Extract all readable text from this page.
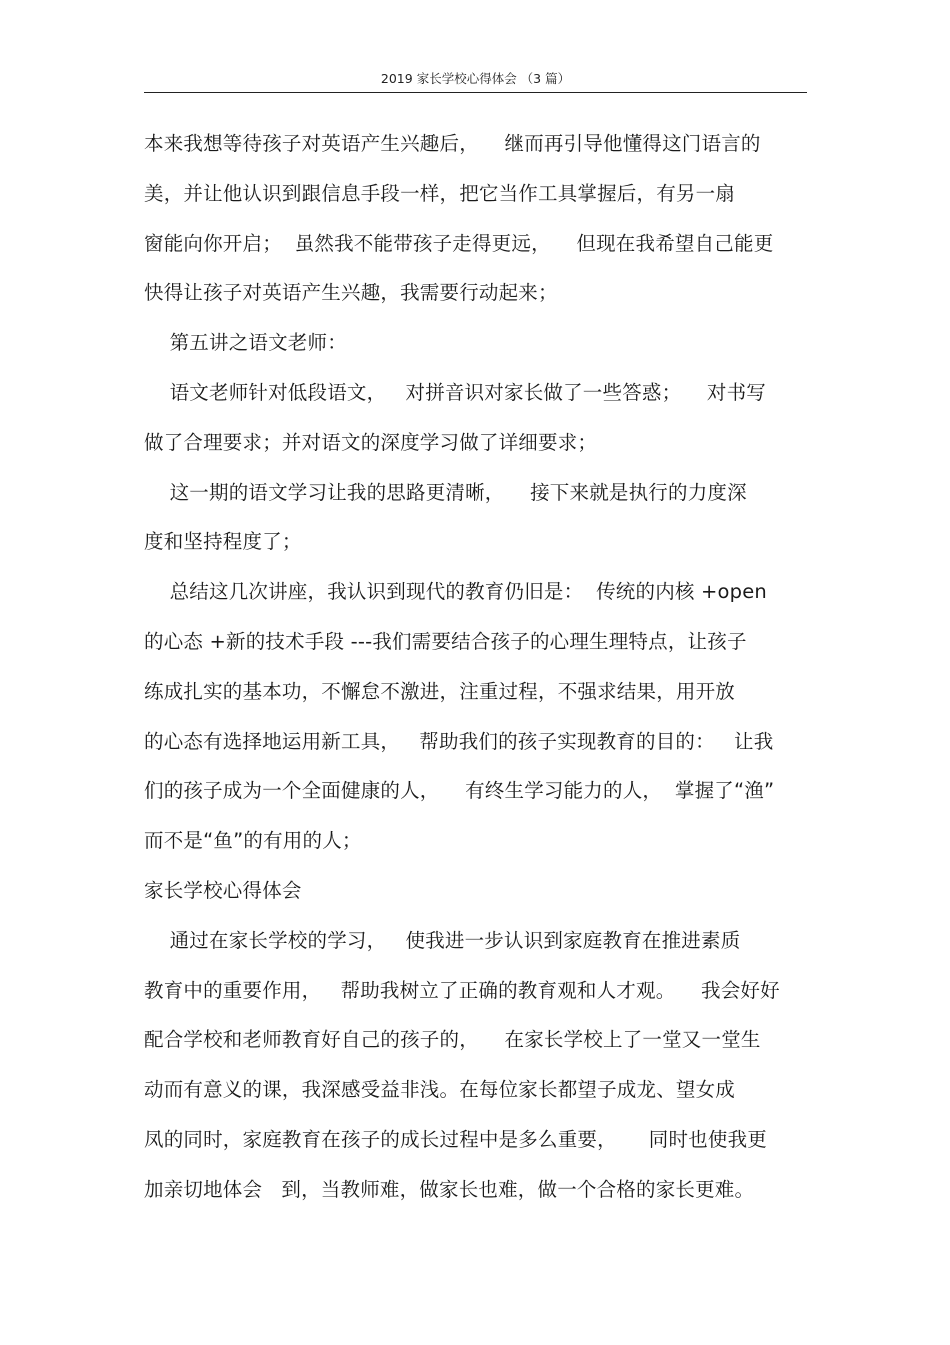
2019 家长学校心得体会 （3 篇）
本来我想等待孩子对英语产生兴趣后，    继而再引导他懂得这门语言的
美，并让他认识到跟信息手段一样，把它当作工具掌握后，有另一扇
窗能向你开启；  虽然我不能带孩子走得更远，    但现在我希望自己能更
快得让孩子对英语产生兴趣，我需要行动起来；
第五讲之语文老师：
语文老师针对低段语文，   对拼音识对家长做了一些答惑；    对书写
做了合理要求；并对语文的深度学习做了详细要求；
这一期的语文学习让我的思路更清晰，    接下来就是执行的力度深
度和坚持程度了；
总结这几次讲座，我认识到现代的教育仍旧是：  传统的内核 +open
的心态 +新的技术手段 ---我们需要结合孩子的心理生理特点，让孩子
练成扎实的基本功，不懈怠不激进，注重过程，不强求结果，用开放
的心态有选择地运用新工具，   帮助我们的孩子实现教育的目的：   让我
们的孩子成为一个全面健康的人，    有终生学习能力的人，  掌握了“渔”
而不是“鱼”的有用的人；
家长学校心得体会
通过在家长学校的学习，   使我进一步认识到家庭教育在推进素质
教育中的重要作用，   帮助我树立了正确的教育观和人才观。    我会好好
配合学校和老师教育好自己的孩子的，    在家长学校上了一堂又一堂生
动而有意义的课，我深感受益非浅。在每位家长都望子成龙、望女成
凤的同时，家庭教育在孩子的成长过程中是多么重要，     同时也使我更
加亲切地体会   到，当教师难，做家长也难，做一个合格的家长更难。
